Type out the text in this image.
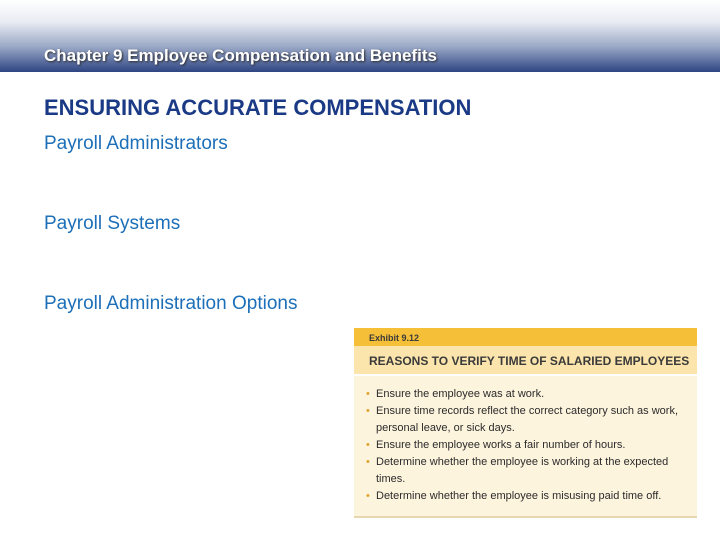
Chapter 9 Employee Compensation and Benefits
ENSURING ACCURATE COMPENSATION
Payroll Administrators
Payroll Systems
Payroll Administration Options
Exhibit 9.12
REASONS TO VERIFY TIME OF SALARIED EMPLOYEES
• Ensure the employee was at work.
• Ensure time records reflect the correct category such as work, personal leave, or sick days.
• Ensure the employee works a fair number of hours.
• Determine whether the employee is working at the expected times.
• Determine whether the employee is misusing paid time off.
